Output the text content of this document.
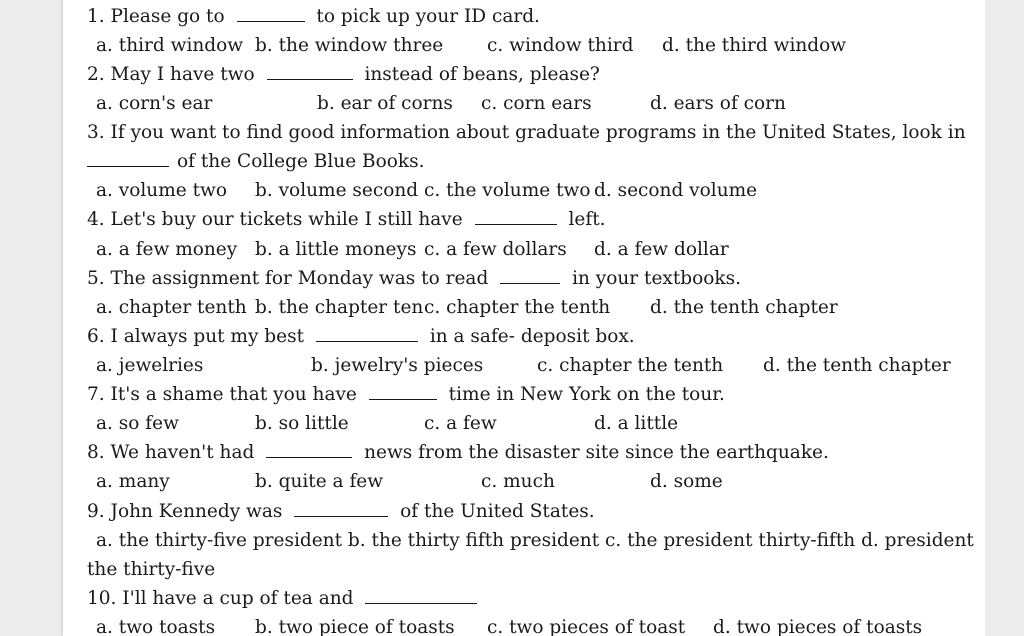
1. Please go to	to pick up your ID card.
a. third window b. the window three c. window third d. the third window
2. May I have two	instead of beans, please?
a. corn's ear	b. ear of corns c. corn ears	d. ears of corn
3. If you want to find good information about graduate programs in the United States, look in
of the College Blue Books.
a. volume two b. volume second c. the volume two d. second volume
4. Let's buy our tickets while I still have	left.
a. a few money b. a little moneys c. a few dollars d. a few dollar
5. The assignment for Monday was to read	in your textbooks.
a. chapter tenth b. the chapter ten c. chapter the tenth d. the tenth chapter
6. I always put my best	in a safe- deposit box.
a. jewelries	b. jewelry's pieces	c. chapter the tenth d. the tenth chapter
7. It's a shame that you have	time in New York on the tour.
a. so few	b. so little	c. a few	d. a little
8. We haven't had	news from the disaster site since the earthquake.
a. many	b. quite a few	c. much	d. some
9. John Kennedy was	of the United States.
a. the thirty-five president b. the thirty fifth president c. the president thirty-fifth d. president
the thirty-five
10. I'll have a cup of tea and
a. two toasts b. two piece of toasts c. two pieces of toast d. two pieces of toasts
